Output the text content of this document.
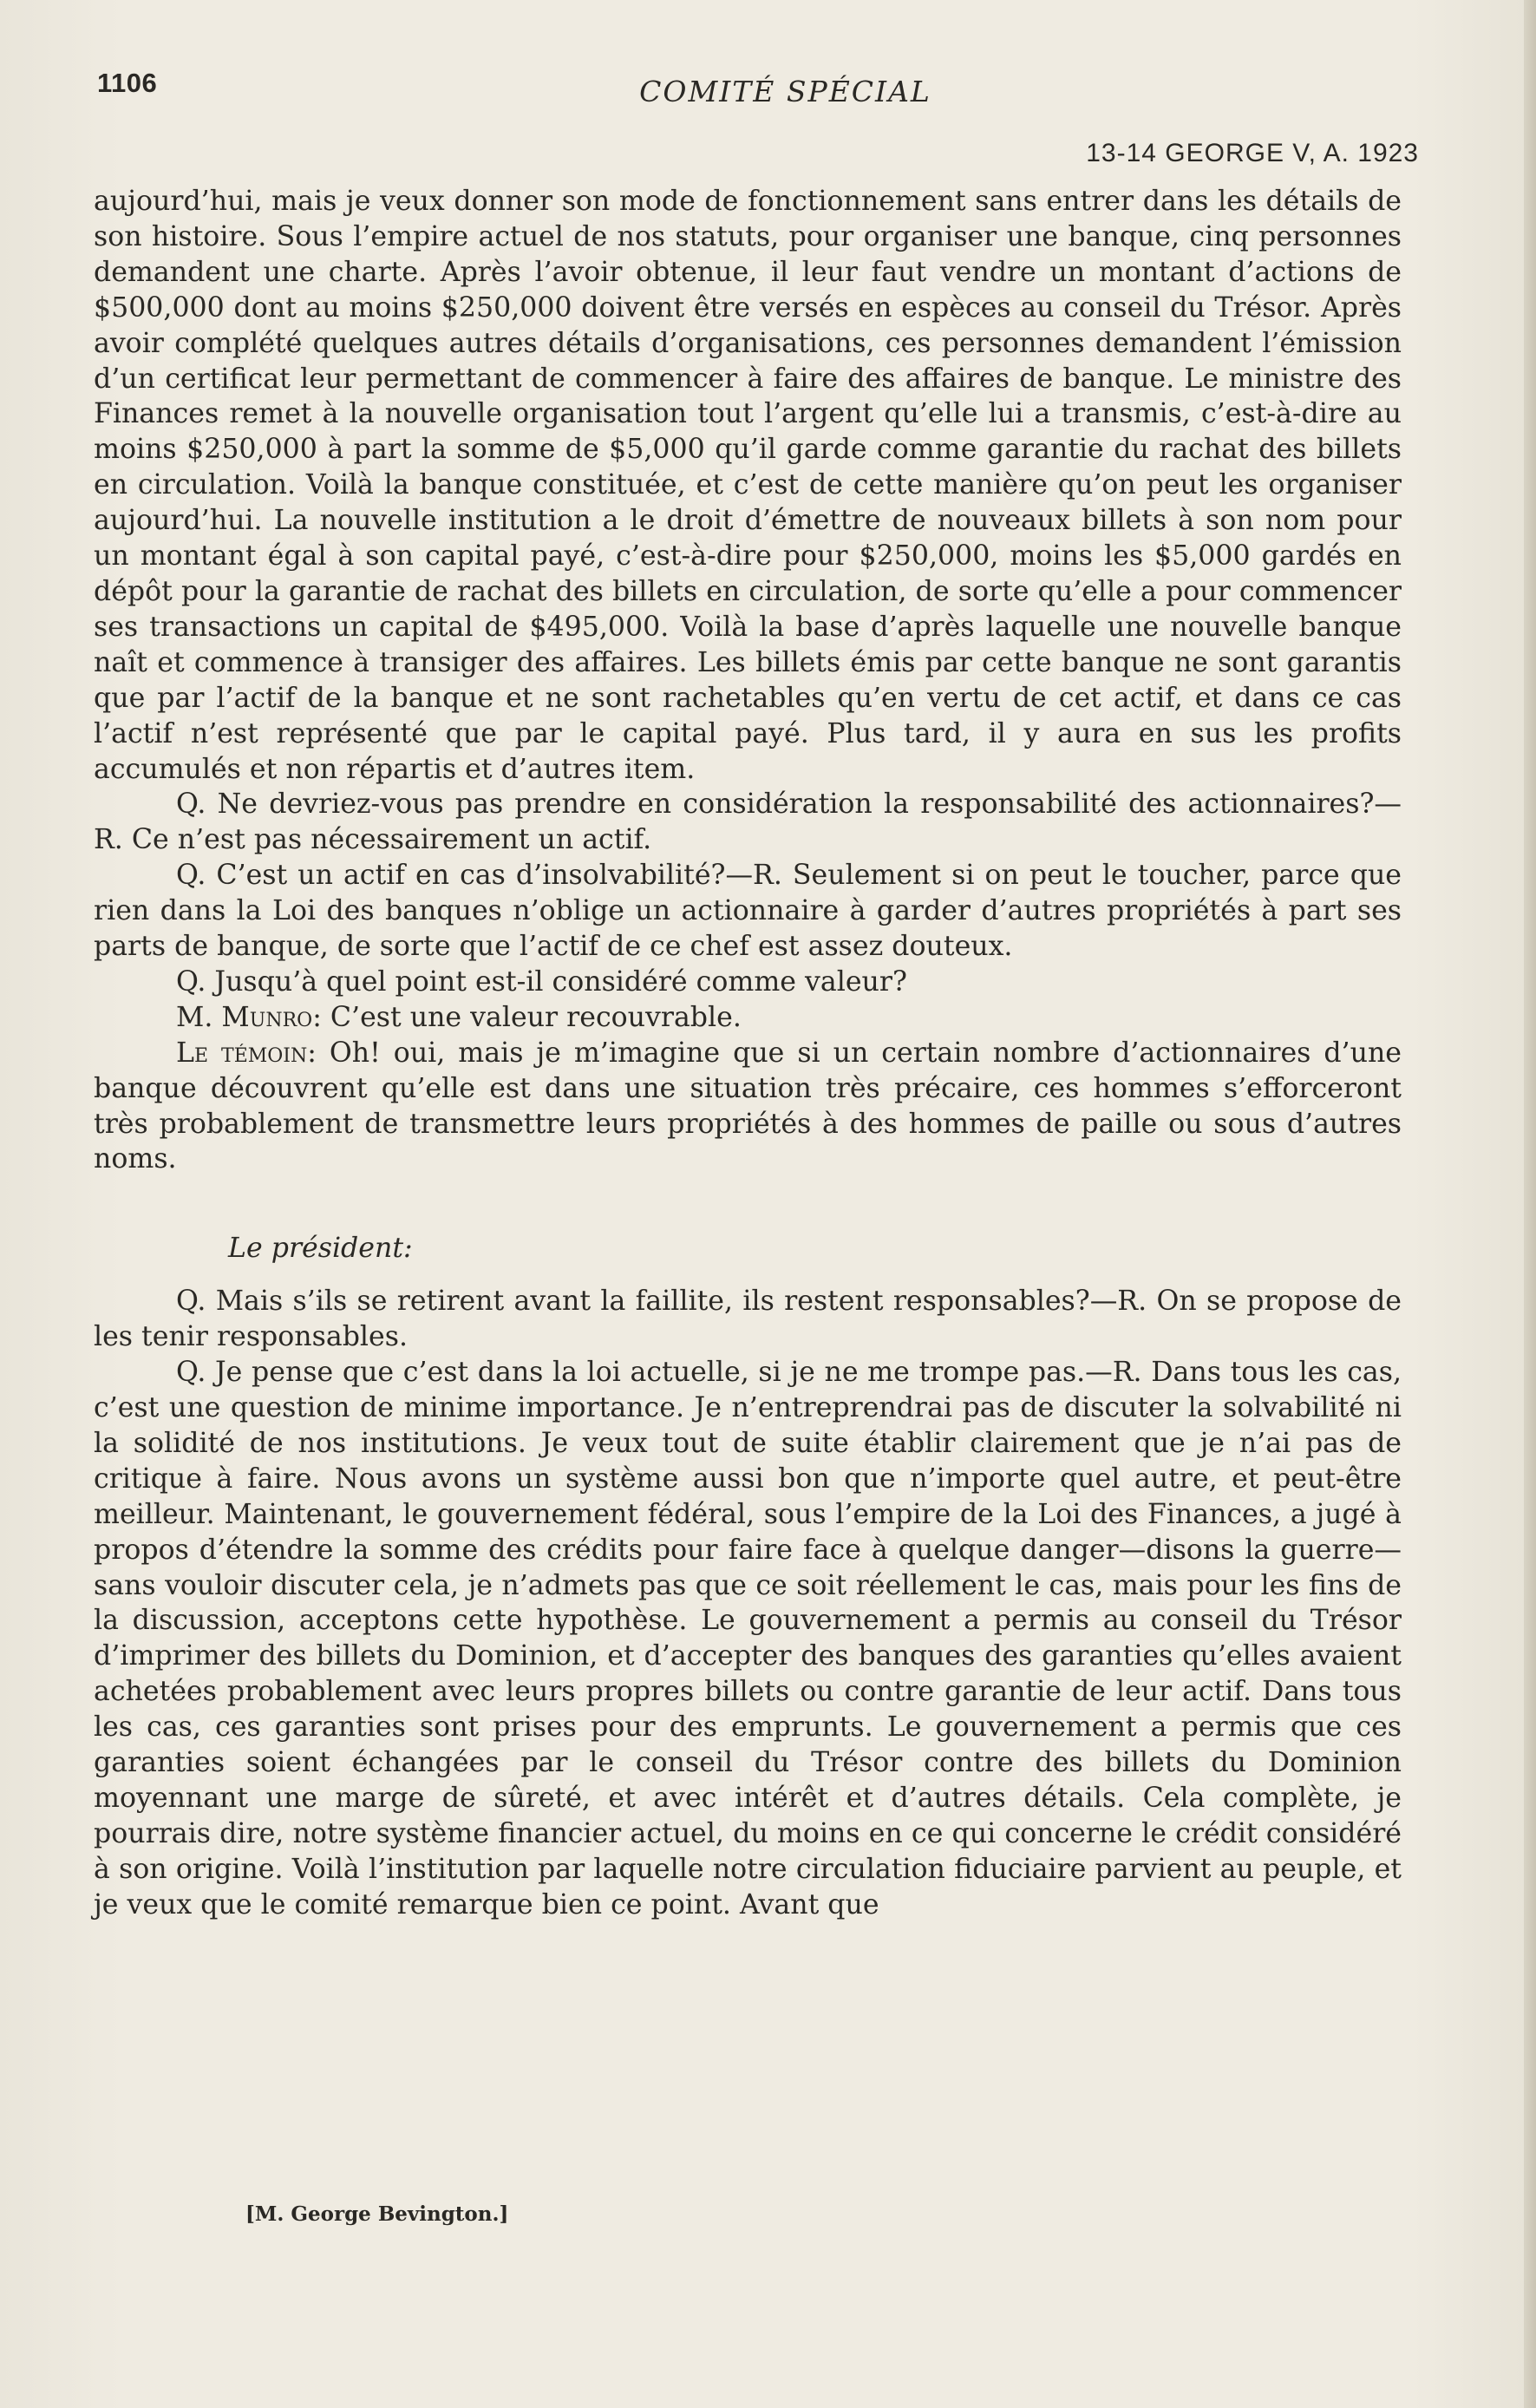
1106	COMITÉ SPÉCIAL
13-14 GEORGE V, A. 1923

aujourd’hui, mais je veux donner son mode de fonctionnement sans entrer dans les détails de son histoire. Sous l’empire actuel de nos statuts, pour organiser une banque, cinq personnes demandent une charte. Après l’avoir obtenue, il leur faut vendre un montant d’actions de $500,000 dont au moins $250,000 doivent être versés en espèces au conseil du Trésor. Après avoir complété quelques autres détails d’organisations, ces personnes demandent l’émission d’un certificat leur permettant de commencer à faire des affaires de banque. Le ministre des Finances remet à la nouvelle organisation tout l’argent qu’elle lui a transmis, c’est-à-dire au moins $250,000 à part la somme de $5,000 qu’il garde comme garantie du rachat des billets en circulation. Voilà la banque constituée, et c’est de cette manière qu’on peut les organiser aujourd’hui. La nouvelle institution a le droit d’émettre de nouveaux billets à son nom pour un montant égal à son capital payé, c’est-à-dire pour $250,000, moins les $5,000 gardés en dépôt pour la garantie de rachat des billets en circulation, de sorte qu’elle a pour commencer ses transactions un capital de $495,000. Voilà la base d’après laquelle une nouvelle banque naît et commence à transiger des affaires. Les billets émis par cette banque ne sont garantis que par l’actif de la banque et ne sont rachetables qu’en vertu de cet actif, et dans ce cas l’actif n’est représenté que par le capital payé. Plus tard, il y aura en sus les profits accumulés et non répartis et d’autres item.

Q. Ne devriez-vous pas prendre en considération la responsabilité des actionnaires?—R. Ce n’est pas nécessairement un actif.

Q. C’est un actif en cas d’insolvabilité?—R. Seulement si on peut le toucher, parce que rien dans la Loi des banques n’oblige un actionnaire à garder d’autres propriétés à part ses parts de banque, de sorte que l’actif de ce chef est assez douteux.

Q. Jusqu’à quel point est-il considéré comme valeur?

M. Munro: C’est une valeur recouvrable.

Le témoin: Oh! oui, mais je m’imagine que si un certain nombre d’actionnaires d’une banque découvrent qu’elle est dans une situation très précaire, ces hommes s’efforceront très probablement de transmettre leurs propriétés à des hommes de paille ou sous d’autres noms.

Le président:

Q. Mais s’ils se retirent avant la faillite, ils restent responsables?—R. On se propose de les tenir responsables.

Q. Je pense que c’est dans la loi actuelle, si je ne me trompe pas.—R. Dans tous les cas, c’est une question de minime importance. Je n’entreprendrai pas de discuter la solvabilité ni la solidité de nos institutions. Je veux tout de suite établir clairement que je n’ai pas de critique à faire. Nous avons un système aussi bon que n’importe quel autre, et peut-être meilleur. Maintenant, le gouvernement fédéral, sous l’empire de la Loi des Finances, a jugé à propos d’étendre la somme des crédits pour faire face à quelque danger—disons la guerre—sans vouloir discuter cela, je n’admets pas que ce soit réellement le cas, mais pour les fins de la discussion, acceptons cette hypothèse. Le gouvernement a permis au conseil du Trésor d’imprimer des billets du Dominion, et d’accepter des banques des garanties qu’elles avaient achetées probablement avec leurs propres billets ou contre garantie de leur actif. Dans tous les cas, ces garanties sont prises pour des emprunts. Le gouvernement a permis que ces garanties soient échangées par le conseil du Trésor contre des billets du Dominion moyennant une marge de sûreté, et avec intérêt et d’autres détails. Cela complète, je pourrais dire, notre système financier actuel, du moins en ce qui concerne le crédit considéré à son origine. Voilà l’institution par laquelle notre circulation fiduciaire parvient au peuple, et je veux que le comité remarque bien ce point. Avant que

[M. George Bevington.]
